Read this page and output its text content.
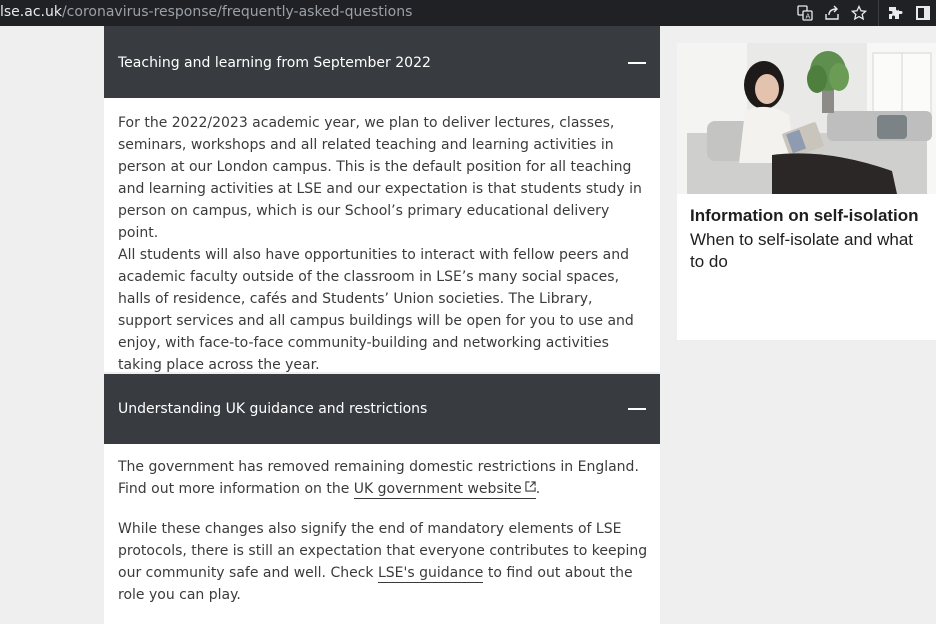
lse.ac.uk/coronavirus-response/frequently-asked-questions	A
Teaching and learning from September 2022

For the 2022/2023 academic year, we plan to deliver lectures, classes, seminars, workshops and all related teaching and learning activities in person at our London campus. This is the default position for all teaching and learning activities at LSE and our expectation is that students study in person on campus, which is our School’s primary educational delivery point.

All students will also have opportunities to interact with fellow peers and academic faculty outside of the classroom in LSE’s many social spaces, halls of residence, cafés and Students’ Union societies. The Library, support services and all campus buildings will be open for you to use and enjoy, with face-to-face community-building and networking activities taking place across the year.

Understanding UK guidance and restrictions

The government has removed remaining domestic restrictions in England. Find out more information on the UK government website .

While these changes also signify the end of mandatory elements of LSE protocols, there is still an expectation that everyone contributes to keeping our community safe and well. Check LSE's guidance to find out about the role you can play.

Information on self-isolation
When to self-isolate and what to do
